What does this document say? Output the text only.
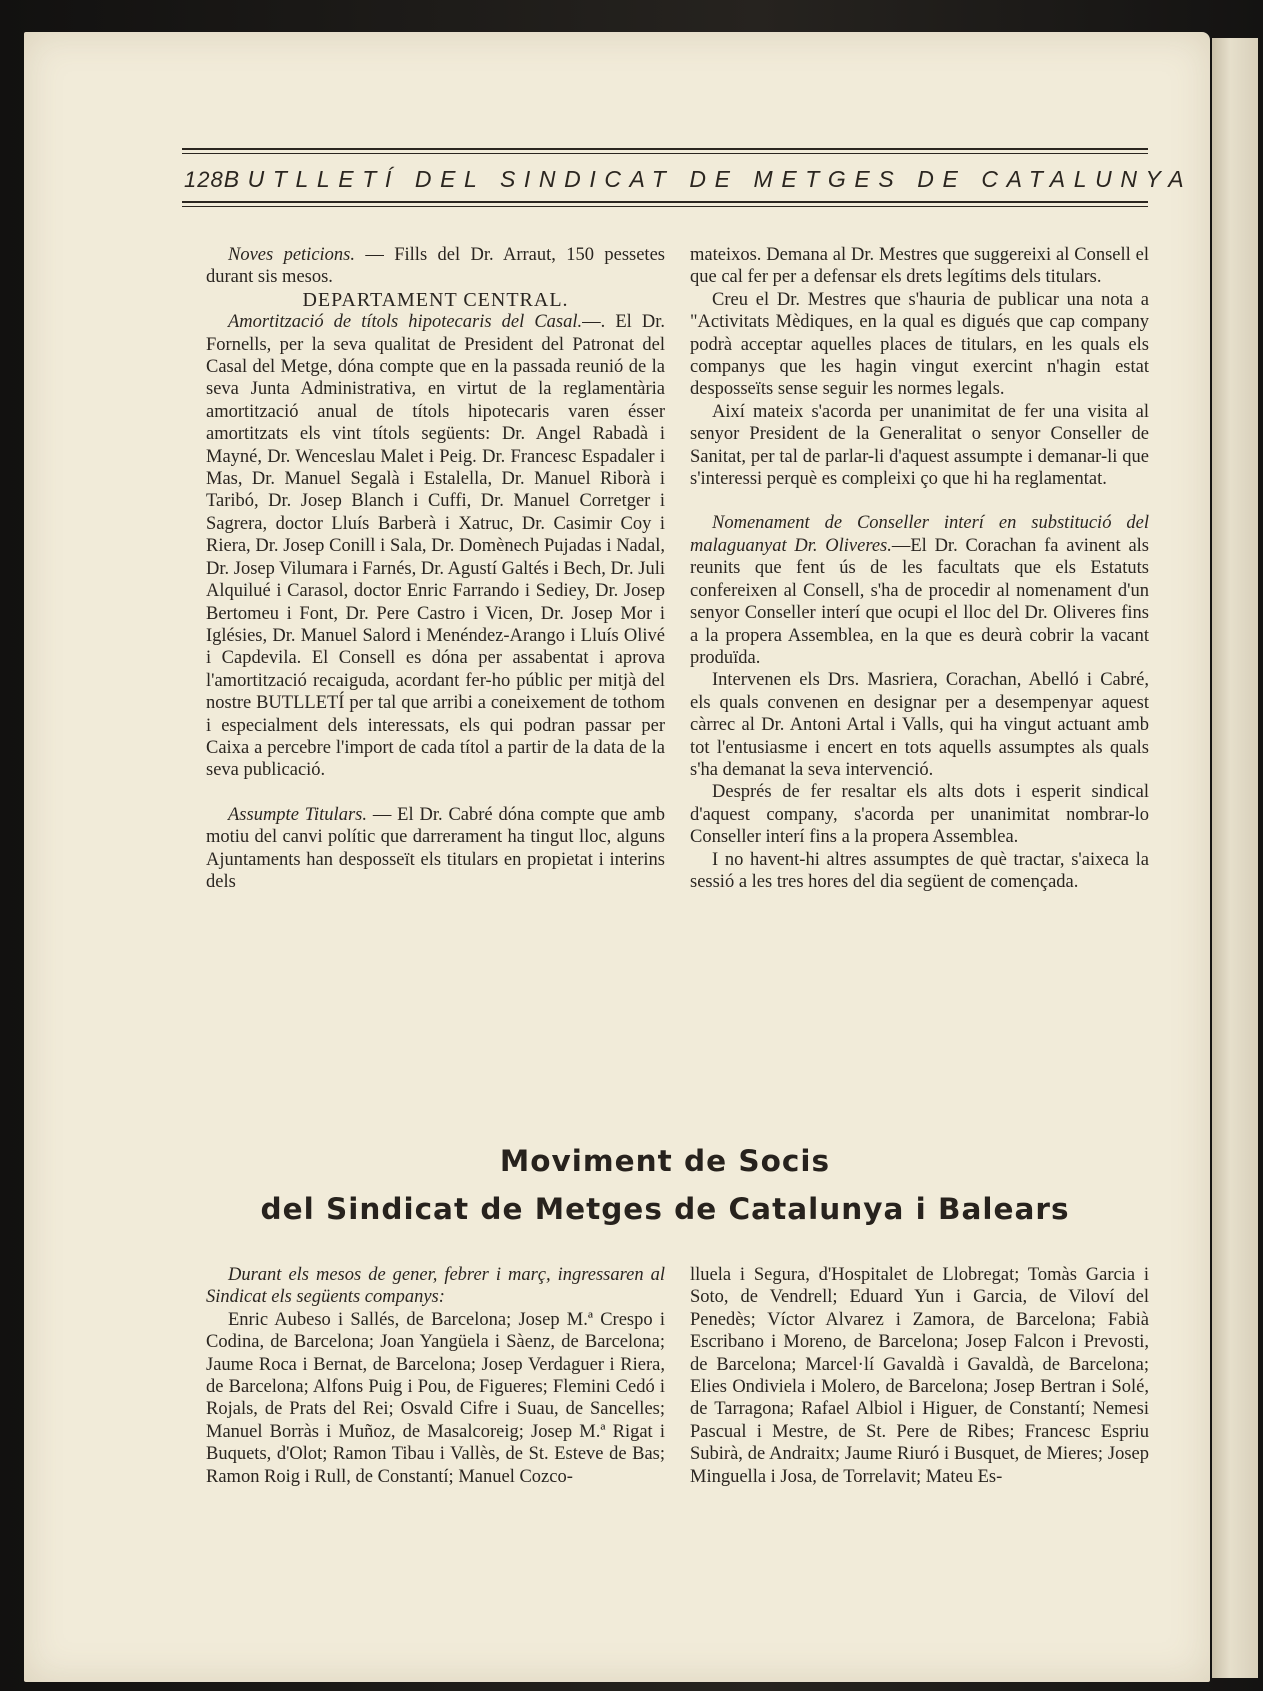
128 BUTLLETÍ DEL SINDICAT DE METGES DE CATALUNYA

Noves peticions. — Fills del Dr. Arraut, 150 pessetes durant sis mesos.

DEPARTAMENT CENTRAL.

Amortització de títols hipotecaris del Casal.—. El Dr. Fornells, per la seva qualitat de President del Patronat del Casal del Metge, dóna compte que en la passada reunió de la seva Junta Administrativa, en virtut de la reglamentària amortització anual de títols hipotecaris varen ésser amortitzats els vint títols següents: Dr. Angel Rabadà i Mayné, Dr. Wenceslau Malet i Peig. Dr. Francesc Espadaler i Mas, Dr. Manuel Segalà i Estalella, Dr. Manuel Riborà i Taribó, Dr. Josep Blanch i Cuffi, Dr. Manuel Corretger i Sagrera, doctor Lluís Barberà i Xatruc, Dr. Casimir Coy i Riera, Dr. Josep Conill i Sala, Dr. Domènech Pujadas i Nadal, Dr. Josep Vilumara i Farnés, Dr. Agustí Galtés i Bech, Dr. Juli Alquilué i Carasol, doctor Enric Farrando i Sediey, Dr. Josep Bertomeu i Font, Dr. Pere Castro i Vicen, Dr. Josep Mor i Iglésies, Dr. Manuel Salord i Menéndez-Arango i Lluís Olivé i Capdevila. El Consell es dóna per assabentat i aprova l'amortització recaiguda, acordant fer-ho públic per mitjà del nostre BUTLLETÍ per tal que arribi a coneixement de tothom i especialment dels interessats, els qui podran passar per Caixa a percebre l'import de cada títol a partir de la data de la seva publicació.

Assumpte Titulars. — El Dr. Cabré dóna compte que amb motiu del canvi polític que darrerament ha tingut lloc, alguns Ajuntaments han desposseït els titulars en propietat i interins dels

mateixos. Demana al Dr. Mestres que suggereixi al Consell el que cal fer per a defensar els drets legítims dels titulars.

Creu el Dr. Mestres que s'hauria de publicar una nota a "Activitats Mèdiques, en la qual es digués que cap company podrà acceptar aquelles places de titulars, en les quals els companys que les hagin vingut exercint n'hagin estat desposseïts sense seguir les normes legals.

Així mateix s'acorda per unanimitat de fer una visita al senyor President de la Generalitat o senyor Conseller de Sanitat, per tal de parlar-li d'aquest assumpte i demanar-li que s'interessi perquè es compleixi ço que hi ha reglamentat.

Nomenament de Conseller interí en substitució del malaguanyat Dr. Oliveres.—El Dr. Corachan fa avinent als reunits que fent ús de les facultats que els Estatuts confereixen al Consell, s'ha de procedir al nomenament d'un senyor Conseller interí que ocupi el lloc del Dr. Oliveres fins a la propera Assemblea, en la que es deurà cobrir la vacant produïda.

Intervenen els Drs. Masriera, Corachan, Abelló i Cabré, els quals convenen en designar per a desempenyar aquest càrrec al Dr. Antoni Artal i Valls, qui ha vingut actuant amb tot l'entusiasme i encert en tots aquells assumptes als quals s'ha demanat la seva intervenció.

Després de fer resaltar els alts dots i esperit sindical d'aquest company, s'acorda per unanimitat nombrar-lo Conseller interí fins a la propera Assemblea.

I no havent-hi altres assumptes de què tractar, s'aixeca la sessió a les tres hores del dia següent de començada.

Moviment de Socis
del Sindicat de Metges de Catalunya i Balears

Durant els mesos de gener, febrer i març, ingressaren al Sindicat els següents companys:

Enric Aubeso i Sallés, de Barcelona; Josep M.ª Crespo i Codina, de Barcelona; Joan Yangüela i Sàenz, de Barcelona; Jaume Roca i Bernat, de Barcelona; Josep Verdaguer i Riera, de Barcelona; Alfons Puig i Pou, de Figueres; Flemini Cedó i Rojals, de Prats del Rei; Osvald Cifre i Suau, de Sancelles; Manuel Borràs i Muñoz, de Masalcoreig; Josep M.ª Rigat i Buquets, d'Olot; Ramon Tibau i Vallès, de St. Esteve de Bas; Ramon Roig i Rull, de Constantí; Manuel Cozco-

lluela i Segura, d'Hospitalet de Llobregat; Tomàs Garcia i Soto, de Vendrell; Eduard Yun i Garcia, de Viloví del Penedès; Víctor Alvarez i Zamora, de Barcelona; Fabià Escribano i Moreno, de Barcelona; Josep Falcon i Prevosti, de Barcelona; Marcel·lí Gavaldà i Gavaldà, de Barcelona; Elies Ondiviela i Molero, de Barcelona; Josep Bertran i Solé, de Tarragona; Rafael Albiol i Higuer, de Constantí; Nemesi Pascual i Mestre, de St. Pere de Ribes; Francesc Espriu Subirà, de Andraitx; Jaume Riuró i Busquet, de Mieres; Josep Minguella i Josa, de Torrelavit; Mateu Es-
